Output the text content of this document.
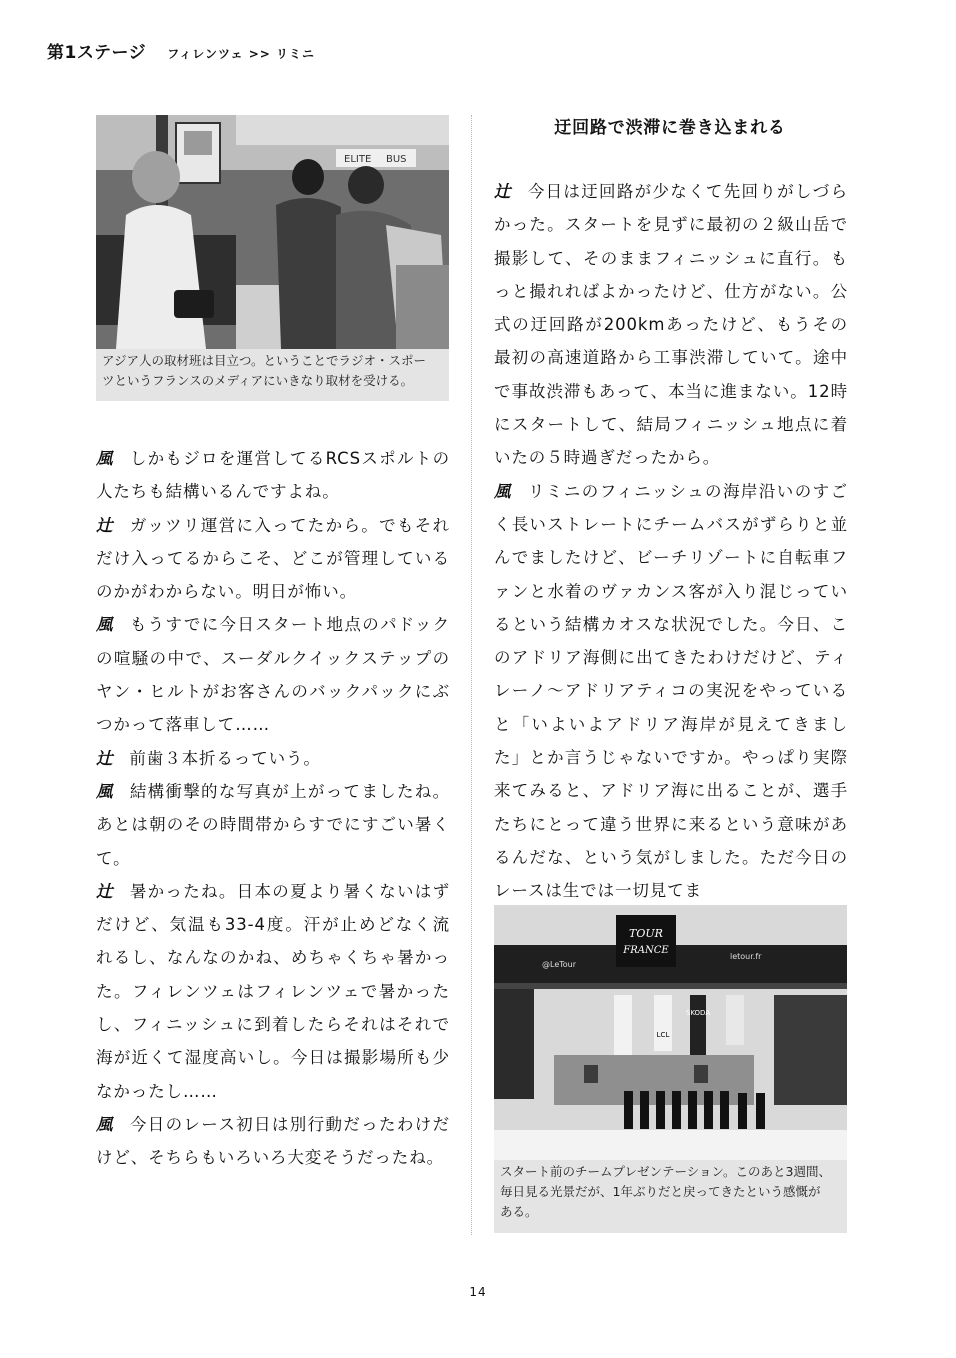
第1ステージ フィレンツェ >> リミニ
ELITE BUS
アジア人の取材班は目立つ。ということでラジオ・スポー
ツというフランスのメディアにいきなり取材を受ける。

風 しかもジロを運営してるRCSスポルトの人たちも結構いるんですよね。

辻 ガッツリ運営に入ってたから。でもそれだけ入ってるからこそ、どこが管理しているのかがわからない。明日が怖い。

風 もうすでに今日スタート地点のパドックの喧騒の中で、スーダルクイックステップのヤン・ヒルトがお客さんのバックパックにぶつかって落車して……

辻 前歯３本折るっていう。

風 結構衝撃的な写真が上がってましたね。あとは朝のその時間帯からすでにすごい暑くて。

辻 暑かったね。日本の夏より暑くないはずだけど、気温も33-4度。汗が止めどなく流れるし、なんなのかね、めちゃくちゃ暑かった。フィレンツェはフィレンツェで暑かったし、フィニッシュに到着したらそれはそれで海が近くて湿度高いし。今日は撮影場所も少なかったし……

風 今日のレース初日は別行動だったわけだけど、そちらもいろいろ大変そうだったね。

迂回路で渋滞に巻き込まれる

辻 今日は迂回路が少なくて先回りがしづらかった。スタートを見ずに最初の２級山岳で撮影して、そのままフィニッシュに直行。もっと撮れればよかったけど、仕方がない。公式の迂回路が200kmあったけど、もうその最初の高速道路から工事渋滞していて。途中で事故渋滞もあって、本当に進まない。12時にスタートして、結局フィニッシュ地点に着いたの５時過ぎだったから。

風 リミニのフィニッシュの海岸沿いのすごく長いストレートにチームバスがずらりと並んでましたけど、ビーチリゾートに自転車ファンと水着のヴァカンス客が入り混じっているという結構カオスな状況でした。今日、このアドリア海側に出てきたわけだけど、ティレーノ〜アドリアティコの実況をやっていると「いよいよアドリア海岸が見えてきました」とか言うじゃないですか。やっぱり実際来てみると、アドリア海に出ることが、選手たちにとって違う世界に来るという意味があるんだな、という気がしました。ただ今日のレースは生では一切見てま

TOUR
FRANCE
@LeTour
letour.fr
LCL
SKODA
スタート前のチームプレゼンテーション。このあと3週間、
毎日見る光景だが、1年ぶりだと戻ってきたという感慨が
ある。
14
